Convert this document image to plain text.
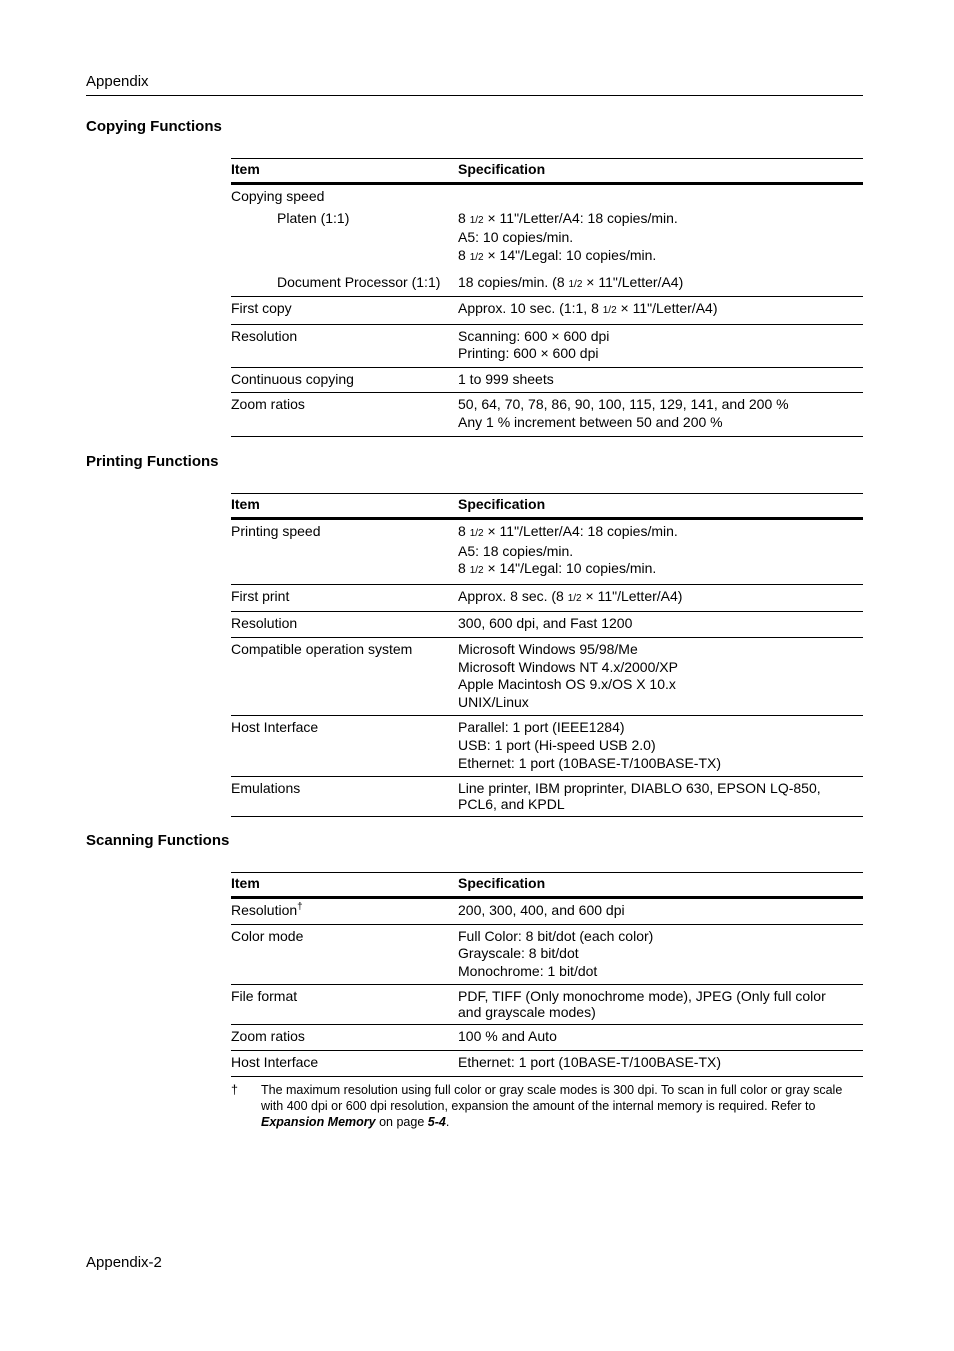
Appendix
Copying Functions
Item	Specification
Copying speed
Platen (1:1)	8 1/2 × 11"/Letter/A4: 18 copies/min.
A5: 10 copies/min.
8 1/2 × 14"/Legal: 10 copies/min.
Document Processor (1:1)	18 copies/min. (8 1/2 × 11"/Letter/A4)
First copy	Approx. 10 sec. (1:1, 8 1/2 × 11"/Letter/A4)
Resolution	Scanning: 600 × 600 dpi
Printing: 600 × 600 dpi
Continuous copying	1 to 999 sheets
Zoom ratios	50, 64, 70, 78, 86, 90, 100, 115, 129, 141, and 200 %
Any 1 % increment between 50 and 200 %
Printing Functions
Item	Specification
Printing speed	8 1/2 × 11"/Letter/A4: 18 copies/min.
A5: 18 copies/min.
8 1/2 × 14"/Legal: 10 copies/min.
First print	Approx. 8 sec. (8 1/2 × 11"/Letter/A4)
Resolution	300, 600 dpi, and Fast 1200
Compatible operation system	Microsoft Windows 95/98/Me
Microsoft Windows NT 4.x/2000/XP
Apple Macintosh OS 9.x/OS X 10.x
UNIX/Linux
Host Interface	Parallel: 1 port (IEEE1284)
USB: 1 port (Hi-speed USB 2.0)
Ethernet: 1 port (10BASE-T/100BASE-TX)
Emulations	Line printer, IBM proprinter, DIABLO 630, EPSON LQ-850,
PCL6, and KPDL
Scanning Functions
Item	Specification
Resolution†	200, 300, 400, and 600 dpi
Color mode	Full Color: 8 bit/dot (each color)
Grayscale: 8 bit/dot
Monochrome: 1 bit/dot
File format	PDF, TIFF (Only monochrome mode), JPEG (Only full color
and grayscale modes)
Zoom ratios	100 % and Auto
Host Interface	Ethernet: 1 port (10BASE-T/100BASE-TX)
† The maximum resolution using full color or gray scale modes is 300 dpi. To scan in full color or gray scale with 400 dpi or 600 dpi resolution, expansion the amount of the internal memory is required. Refer to Expansion Memory on page 5-4.
Appendix-2
